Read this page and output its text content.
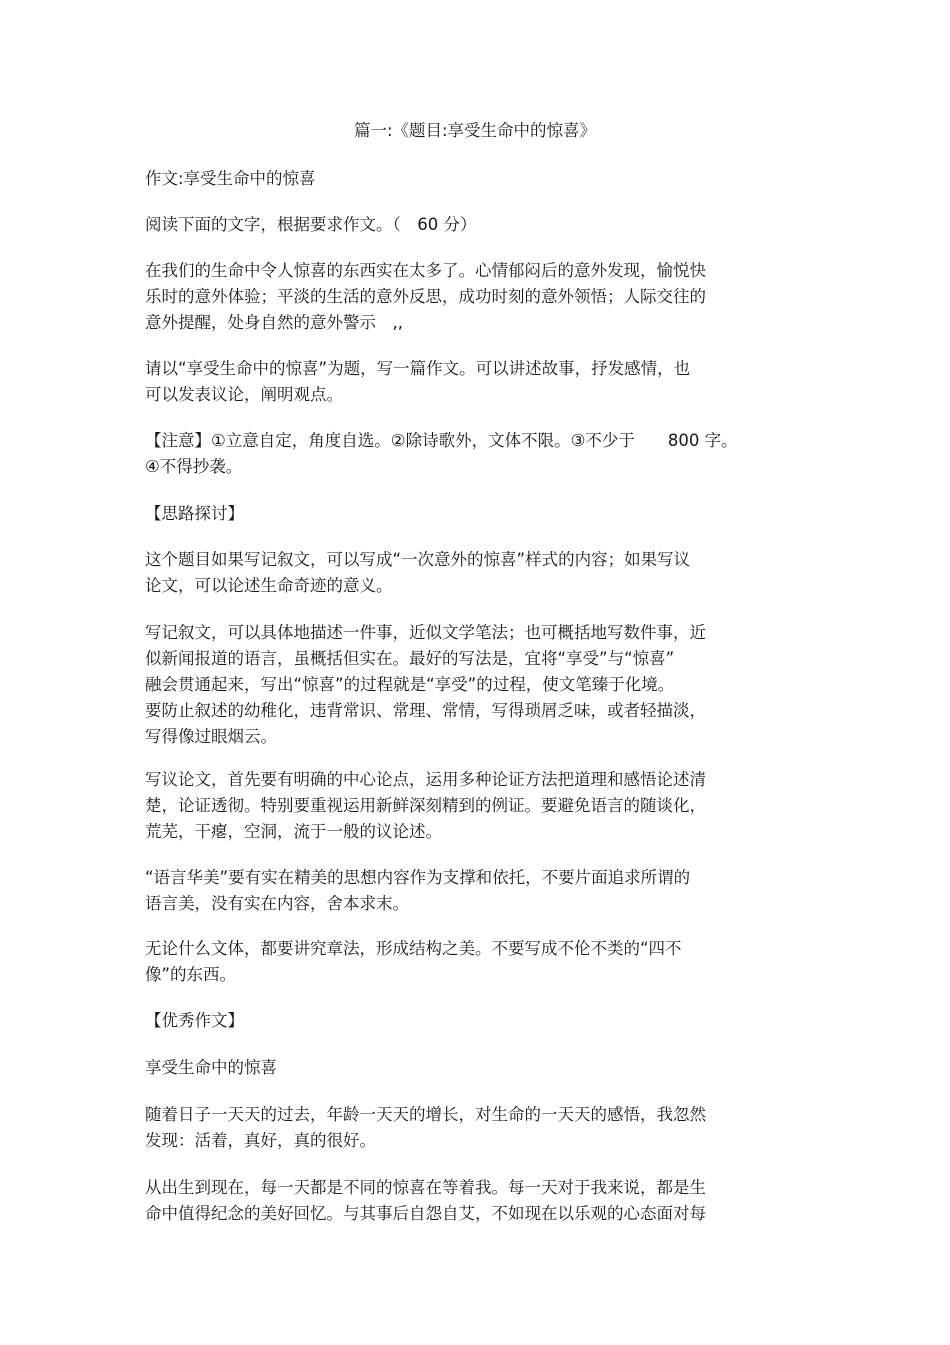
篇一:《题目:享受生命中的惊喜》
作文:享受生命中的惊喜
阅读下面的文字，根据要求作文。（　60 分）
在我们的生命中令人惊喜的东西实在太多了。心情郁闷后的意外发现，愉悦快
乐时的意外体验；平淡的生活的意外反思，成功时刻的意外领悟；人际交往的
意外提醒，处身自然的意外警示　,,
请以“享受生命中的惊喜”为题，写一篇作文。可以讲述故事，抒发感情，也
可以发表议论，阐明观点。
【注意】①立意自定，角度自选。②除诗歌外，文体不限。③不少于　　800 字。
④不得抄袭。
【思路探讨】
这个题目如果写记叙文，可以写成“一次意外的惊喜”样式的内容；如果写议
论文，可以论述生命奇迹的意义。
写记叙文，可以具体地描述一件事，近似文学笔法；也可概括地写数件事，近
似新闻报道的语言，虽概括但实在。最好的写法是，宜将“享受”与“惊喜”
融会贯通起来，写出“惊喜”的过程就是“享受”的过程，使文笔臻于化境。
要防止叙述的幼稚化，违背常识、常理、常情，写得琐屑乏味，或者轻描淡，
写得像过眼烟云。
写议论文，首先要有明确的中心论点，运用多种论证方法把道理和感悟论述清
楚，论证透彻。特别要重视运用新鲜深刻精到的例证。要避免语言的随谈化，
荒芜，干瘪，空洞，流于一般的议论述。
“语言华美”要有实在精美的思想内容作为支撑和依托，不要片面追求所谓的
语言美，没有实在内容，舍本求末。
无论什么文体，都要讲究章法，形成结构之美。不要写成不伦不类的“四不
像”的东西。
【优秀作文】
享受生命中的惊喜
随着日子一天天的过去，年龄一天天的增长，对生命的一天天的感悟，我忽然
发现：活着，真好，真的很好。
从出生到现在，每一天都是不同的惊喜在等着我。每一天对于我来说，都是生
命中值得纪念的美好回忆。与其事后自怨自艾，不如现在以乐观的心态面对每
